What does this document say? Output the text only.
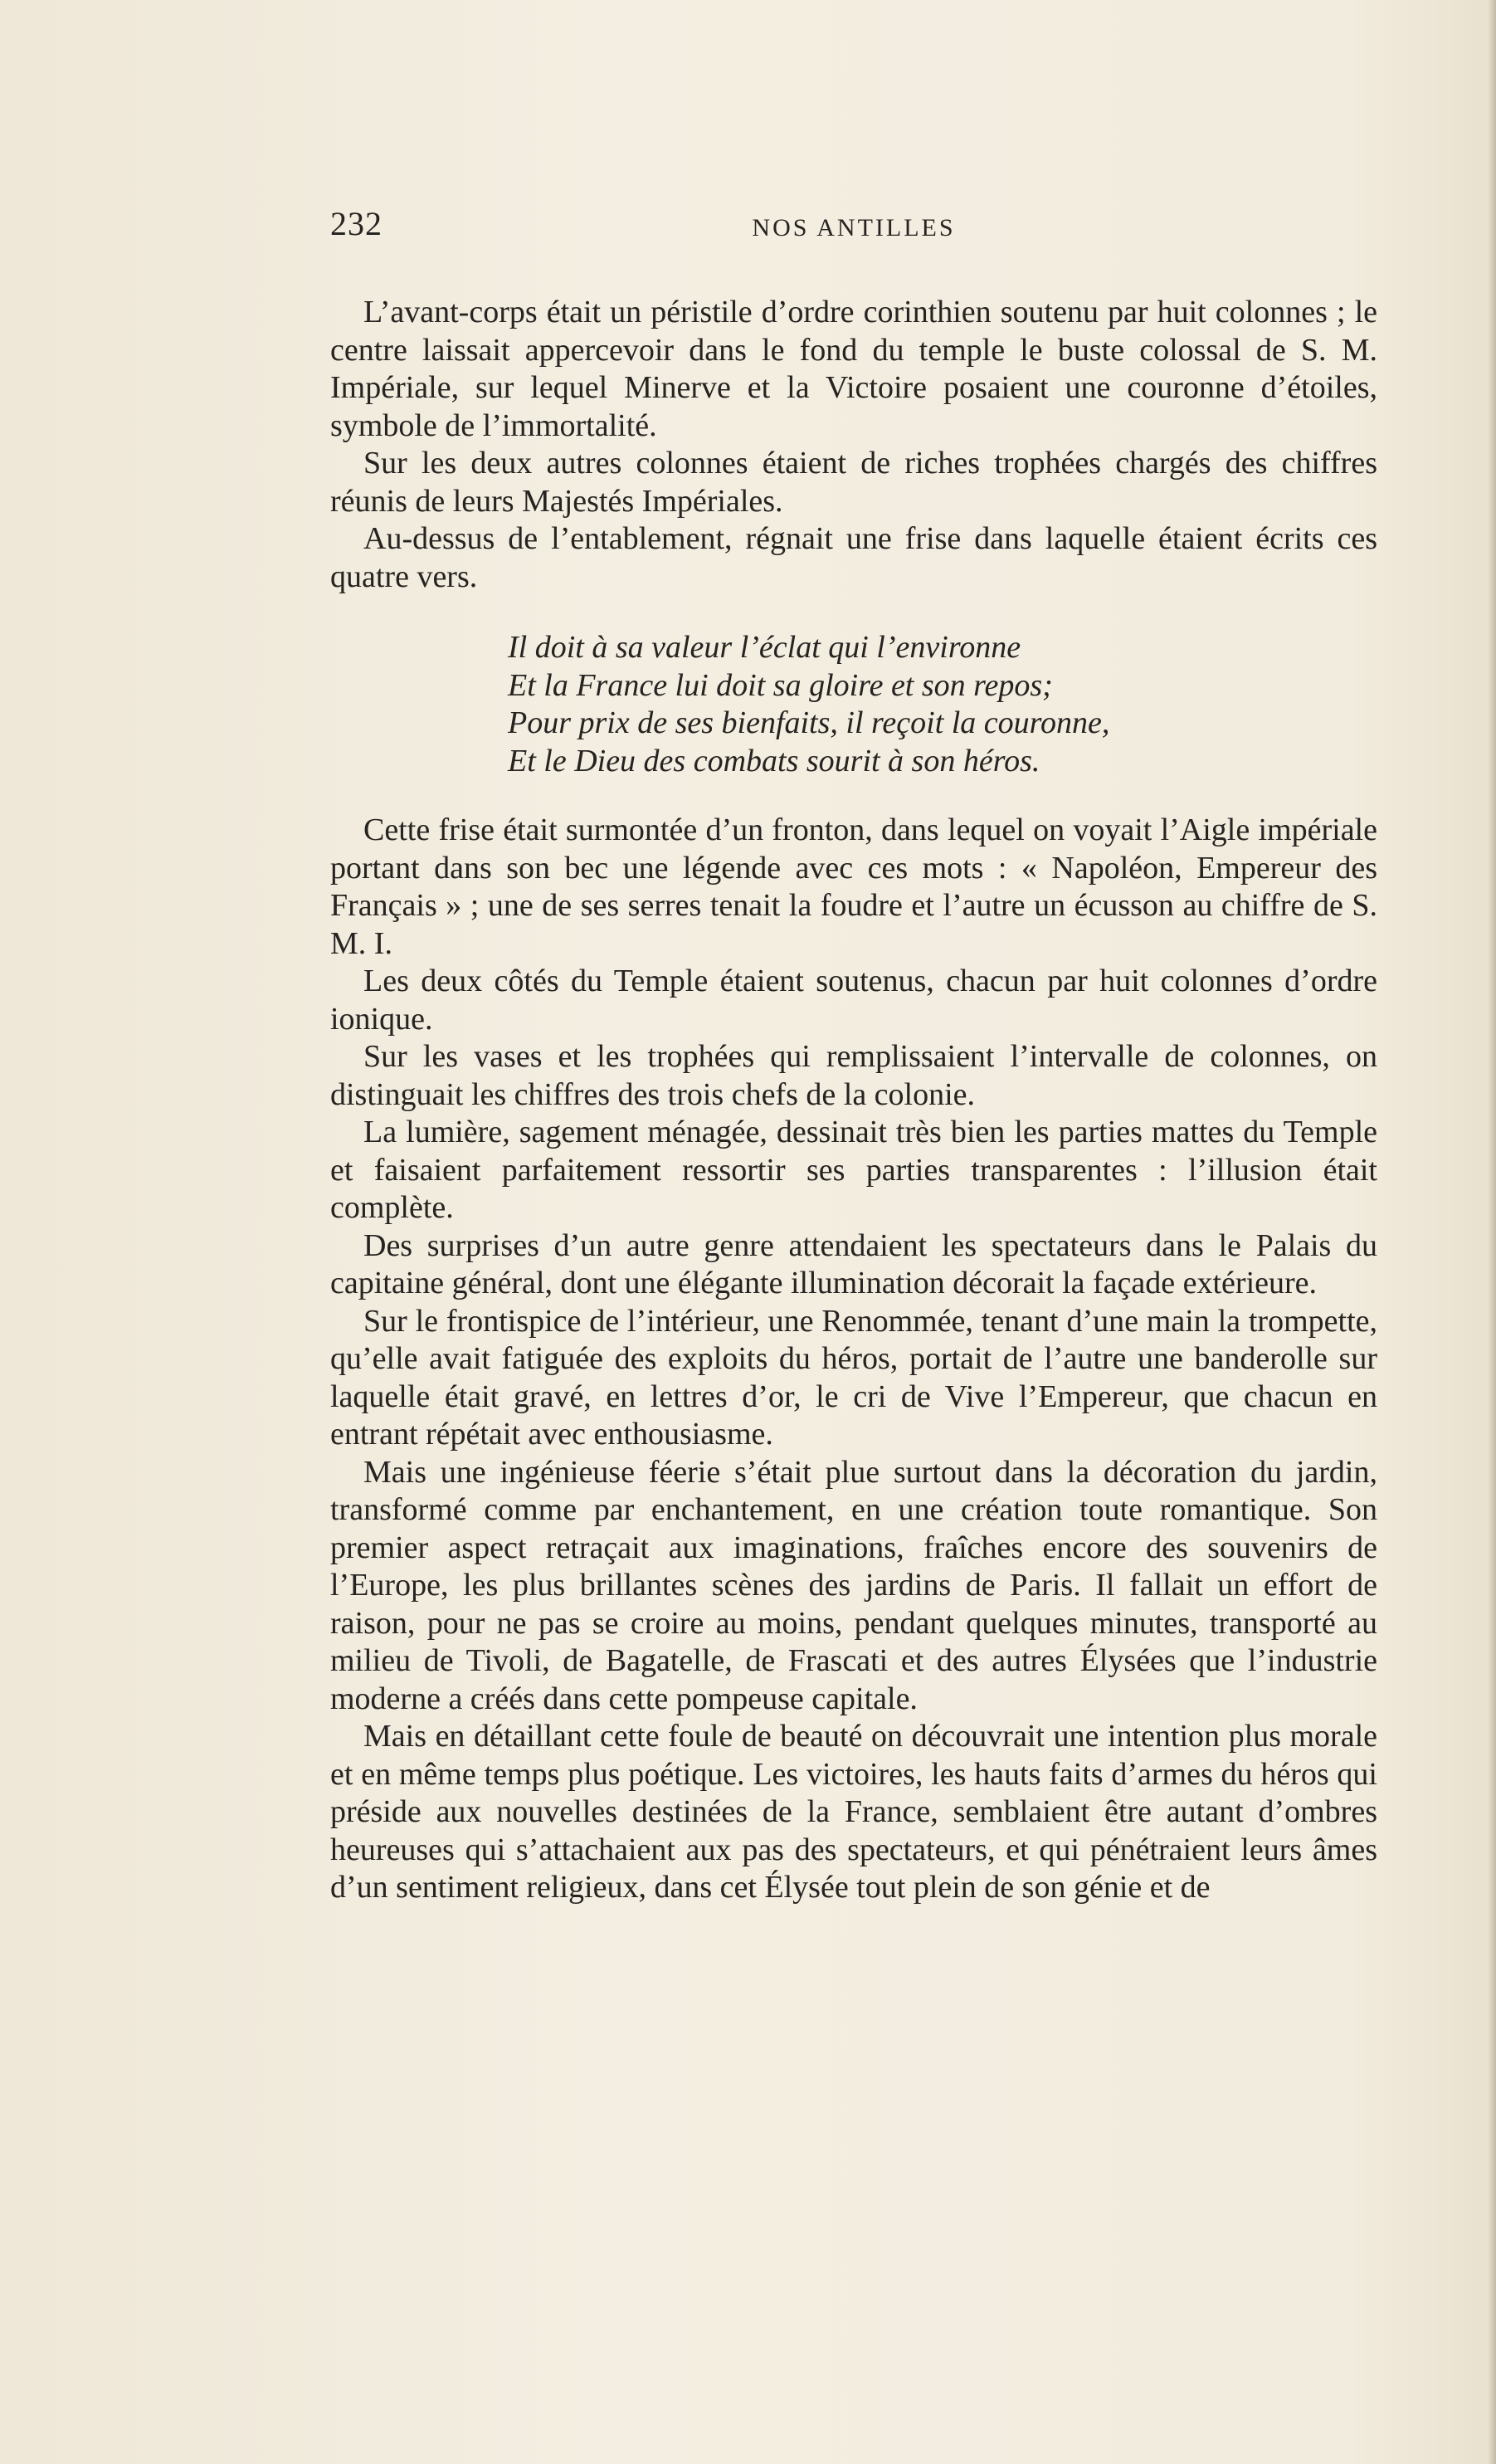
232	NOS ANTILLES

L’avant-corps était un péristile d’ordre corinthien soutenu par huit colonnes ; le centre laissait appercevoir dans le fond du temple le buste colossal de S. M. Impériale, sur lequel Minerve et la Victoire posaient une couronne d’étoiles, symbole de l’immortalité.

Sur les deux autres colonnes étaient de riches trophées chargés des chiffres réunis de leurs Majestés Impériales.

Au-dessus de l’entablement, régnait une frise dans laquelle étaient écrits ces quatre vers.

Il doit à sa valeur l’éclat qui l’environne
Et la France lui doit sa gloire et son repos;
Pour prix de ses bienfaits, il reçoit la couronne,
Et le Dieu des combats sourit à son héros.

Cette frise était surmontée d’un fronton, dans lequel on voyait l’Aigle impériale portant dans son bec une légende avec ces mots : « Napoléon, Empereur des Français » ; une de ses serres tenait la foudre et l’autre un écusson au chiffre de S. M. I.

Les deux côtés du Temple étaient soutenus, chacun par huit colonnes d’ordre ionique.

Sur les vases et les trophées qui remplissaient l’intervalle de colonnes, on distinguait les chiffres des trois chefs de la colonie.

La lumière, sagement ménagée, dessinait très bien les parties mattes du Temple et faisaient parfaitement ressortir ses parties transparentes : l’illusion était complète.

Des surprises d’un autre genre attendaient les spectateurs dans le Palais du capitaine général, dont une élégante illumination décorait la façade extérieure.

Sur le frontispice de l’intérieur, une Renommée, tenant d’une main la trompette, qu’elle avait fatiguée des exploits du héros, portait de l’autre une banderolle sur laquelle était gravé, en lettres d’or, le cri de Vive l’Empereur, que chacun en entrant répétait avec enthousiasme.

Mais une ingénieuse féerie s’était plue surtout dans la décoration du jardin, transformé comme par enchantement, en une création toute romantique. Son premier aspect retraçait aux imaginations, fraîches encore des souvenirs de l’Europe, les plus brillantes scènes des jardins de Paris. Il fallait un effort de raison, pour ne pas se croire au moins, pendant quelques minutes, transporté au milieu de Tivoli, de Bagatelle, de Frascati et des autres Élysées que l’industrie moderne a créés dans cette pompeuse capitale.

Mais en détaillant cette foule de beauté on découvrait une intention plus morale et en même temps plus poétique. Les victoires, les hauts faits d’armes du héros qui préside aux nouvelles destinées de la France, semblaient être autant d’ombres heureuses qui s’attachaient aux pas des spectateurs, et qui pénétraient leurs âmes d’un sentiment religieux, dans cet Élysée tout plein de son génie et de
